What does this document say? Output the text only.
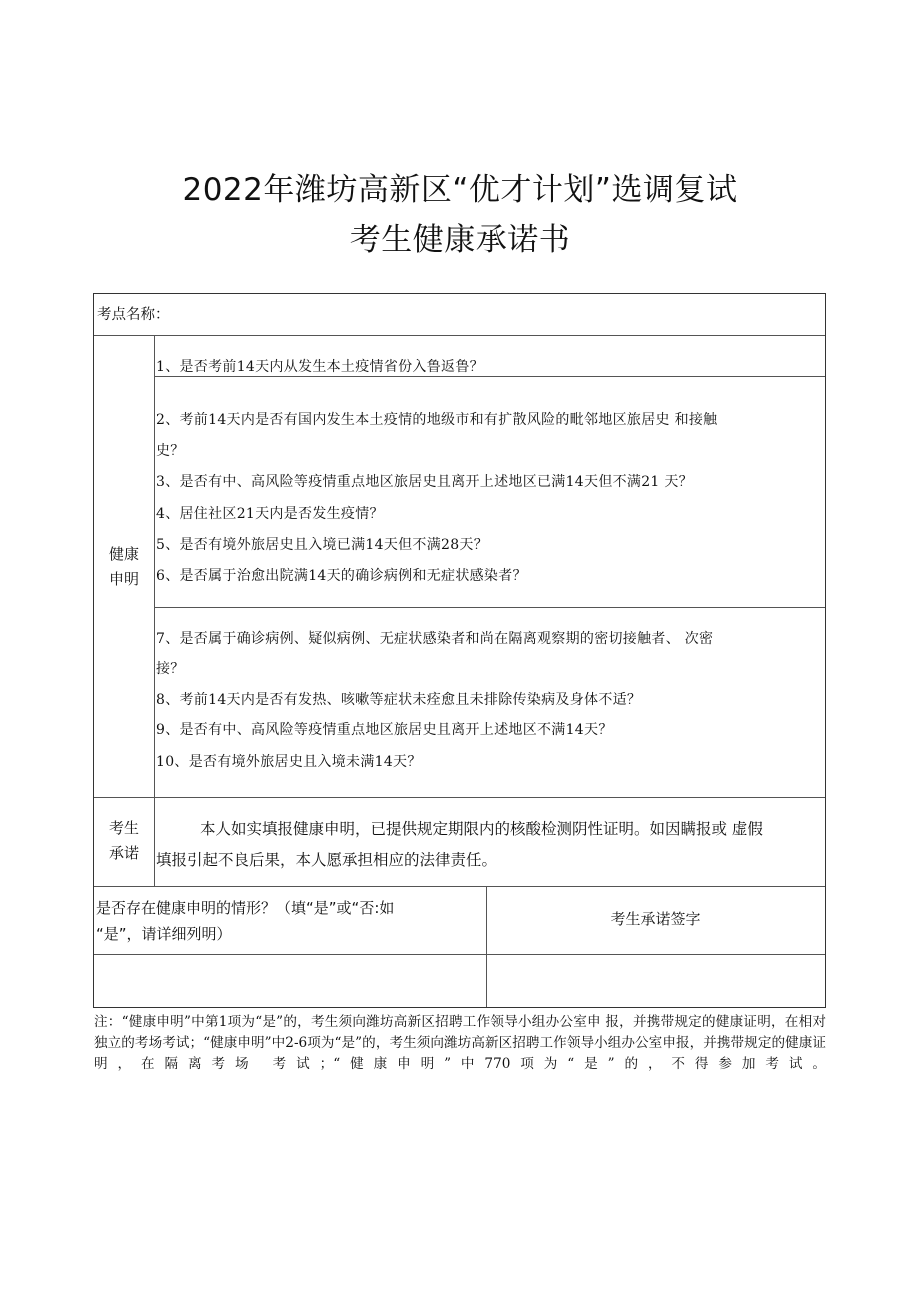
2022年潍坊高新区“优才计划”选调复试
考生健康承诺书
考点名称：
健康
申明
1、是否考前14天内从发生本土疫情省份入鲁返鲁？
2、考前14天内是否有国内发生本土疫情的地级市和有扩散风险的毗邻地区旅居史 和接触
史？
3、是否有中、高风险等疫情重点地区旅居史且离开上述地区已满14天但不满21 天？
4、居住社区21天内是否发生疫情？
5、是否有境外旅居史且入境已满14天但不满28天？
6、是否属于治愈出院满14天的确诊病例和无症状感染者？
7、是否属于确诊病例、疑似病例、无症状感染者和尚在隔离观察期的密切接触者、 次密
接？
8、考前14天内是否有发热、咳嗽等症状未痊愈且未排除传染病及身体不适？
9、是否有中、高风险等疫情重点地区旅居史且离开上述地区不满14天？
10、是否有境外旅居史且入境未满14天？
考生
承诺
本人如实填报健康申明，已提供规定期限内的核酸检测阴性证明。如因瞒报或 虚假
填报引起不良后果，本人愿承担相应的法律责任。
是否存在健康申明的情形？（填“是”或“否:如
“是”，请详细列明）
考生承诺签字
注：“健康申明”中第1项为“是”的，考生须向潍坊高新区招聘工作领导小组办公室申 报，并携带规定的健康证明，在相对独立的考场考试；“健康申明”中2-6项为“是”的，考生须向潍坊高新区招聘工作领导小组办公室申报，并携带规定的健康证明，在隔离考场 考试；“健康申明”中770项为“是”的，不得参加考试。
